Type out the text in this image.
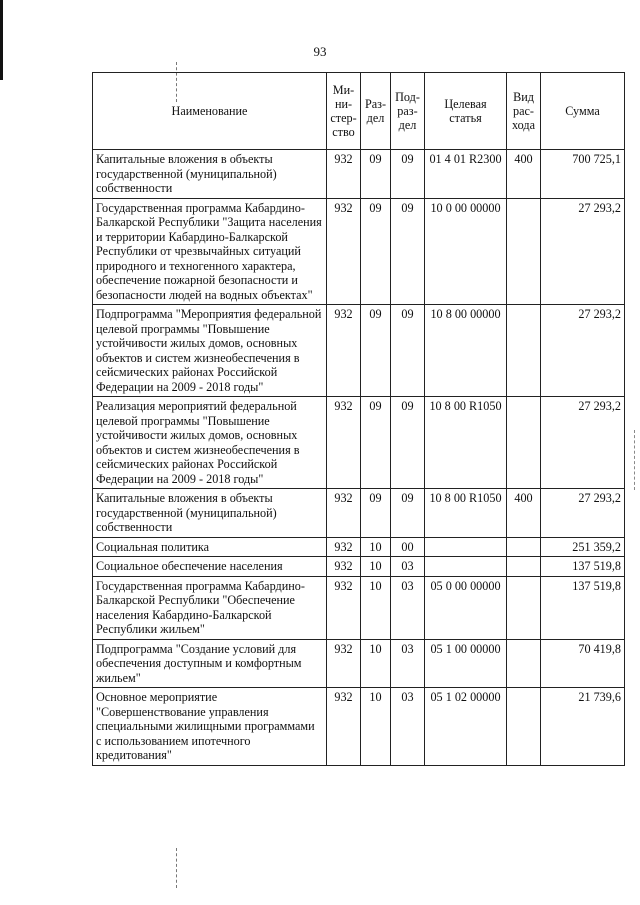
93
Наименование	Ми-ни-стер-ство	Раз-дел	Под-раз-дел	Целевая статья	Вид рас-хода	Сумма
Капитальные вложения в объекты государственной (муниципальной) собственности	932	09	09	01 4 01 R2300	400	700 725,1
Государственная программа Кабардино-Балкарской Республики "Защита населения и территории Кабардино-Балкарской Республики от чрезвычайных ситуаций природного и техногенного характера, обеспечение пожарной безопасности и безопасности людей на водных объектах"	932	09	09	10 0 00 00000		27 293,2
Подпрограмма "Мероприятия федеральной целевой программы "Повышение устойчивости жилых домов, основных объектов и систем жизнеобеспечения в сейсмических районах Российской Федерации на 2009 - 2018 годы"	932	09	09	10 8 00 00000		27 293,2
Реализация мероприятий федеральной целевой программы "Повышение устойчивости жилых домов, основных объектов и систем жизнеобеспечения в сейсмических районах Российской Федерации на 2009 - 2018 годы"	932	09	09	10 8 00 R1050		27 293,2
Капитальные вложения в объекты государственной (муниципальной) собственности	932	09	09	10 8 00 R1050	400	27 293,2
Социальная политика	932	10	00			251 359,2
Социальное обеспечение населения	932	10	03			137 519,8
Государственная программа Кабардино-Балкарской Республики "Обеспечение населения Кабардино-Балкарской Республики жильем"	932	10	03	05 0 00 00000		137 519,8
Подпрограмма "Создание условий для обеспечения доступным и комфортным жильем"	932	10	03	05 1 00 00000		70 419,8
Основное мероприятие "Совершенствование управления специальными жилищными программами с использованием ипотечного кредитования"	932	10	03	05 1 02 00000		21 739,6
